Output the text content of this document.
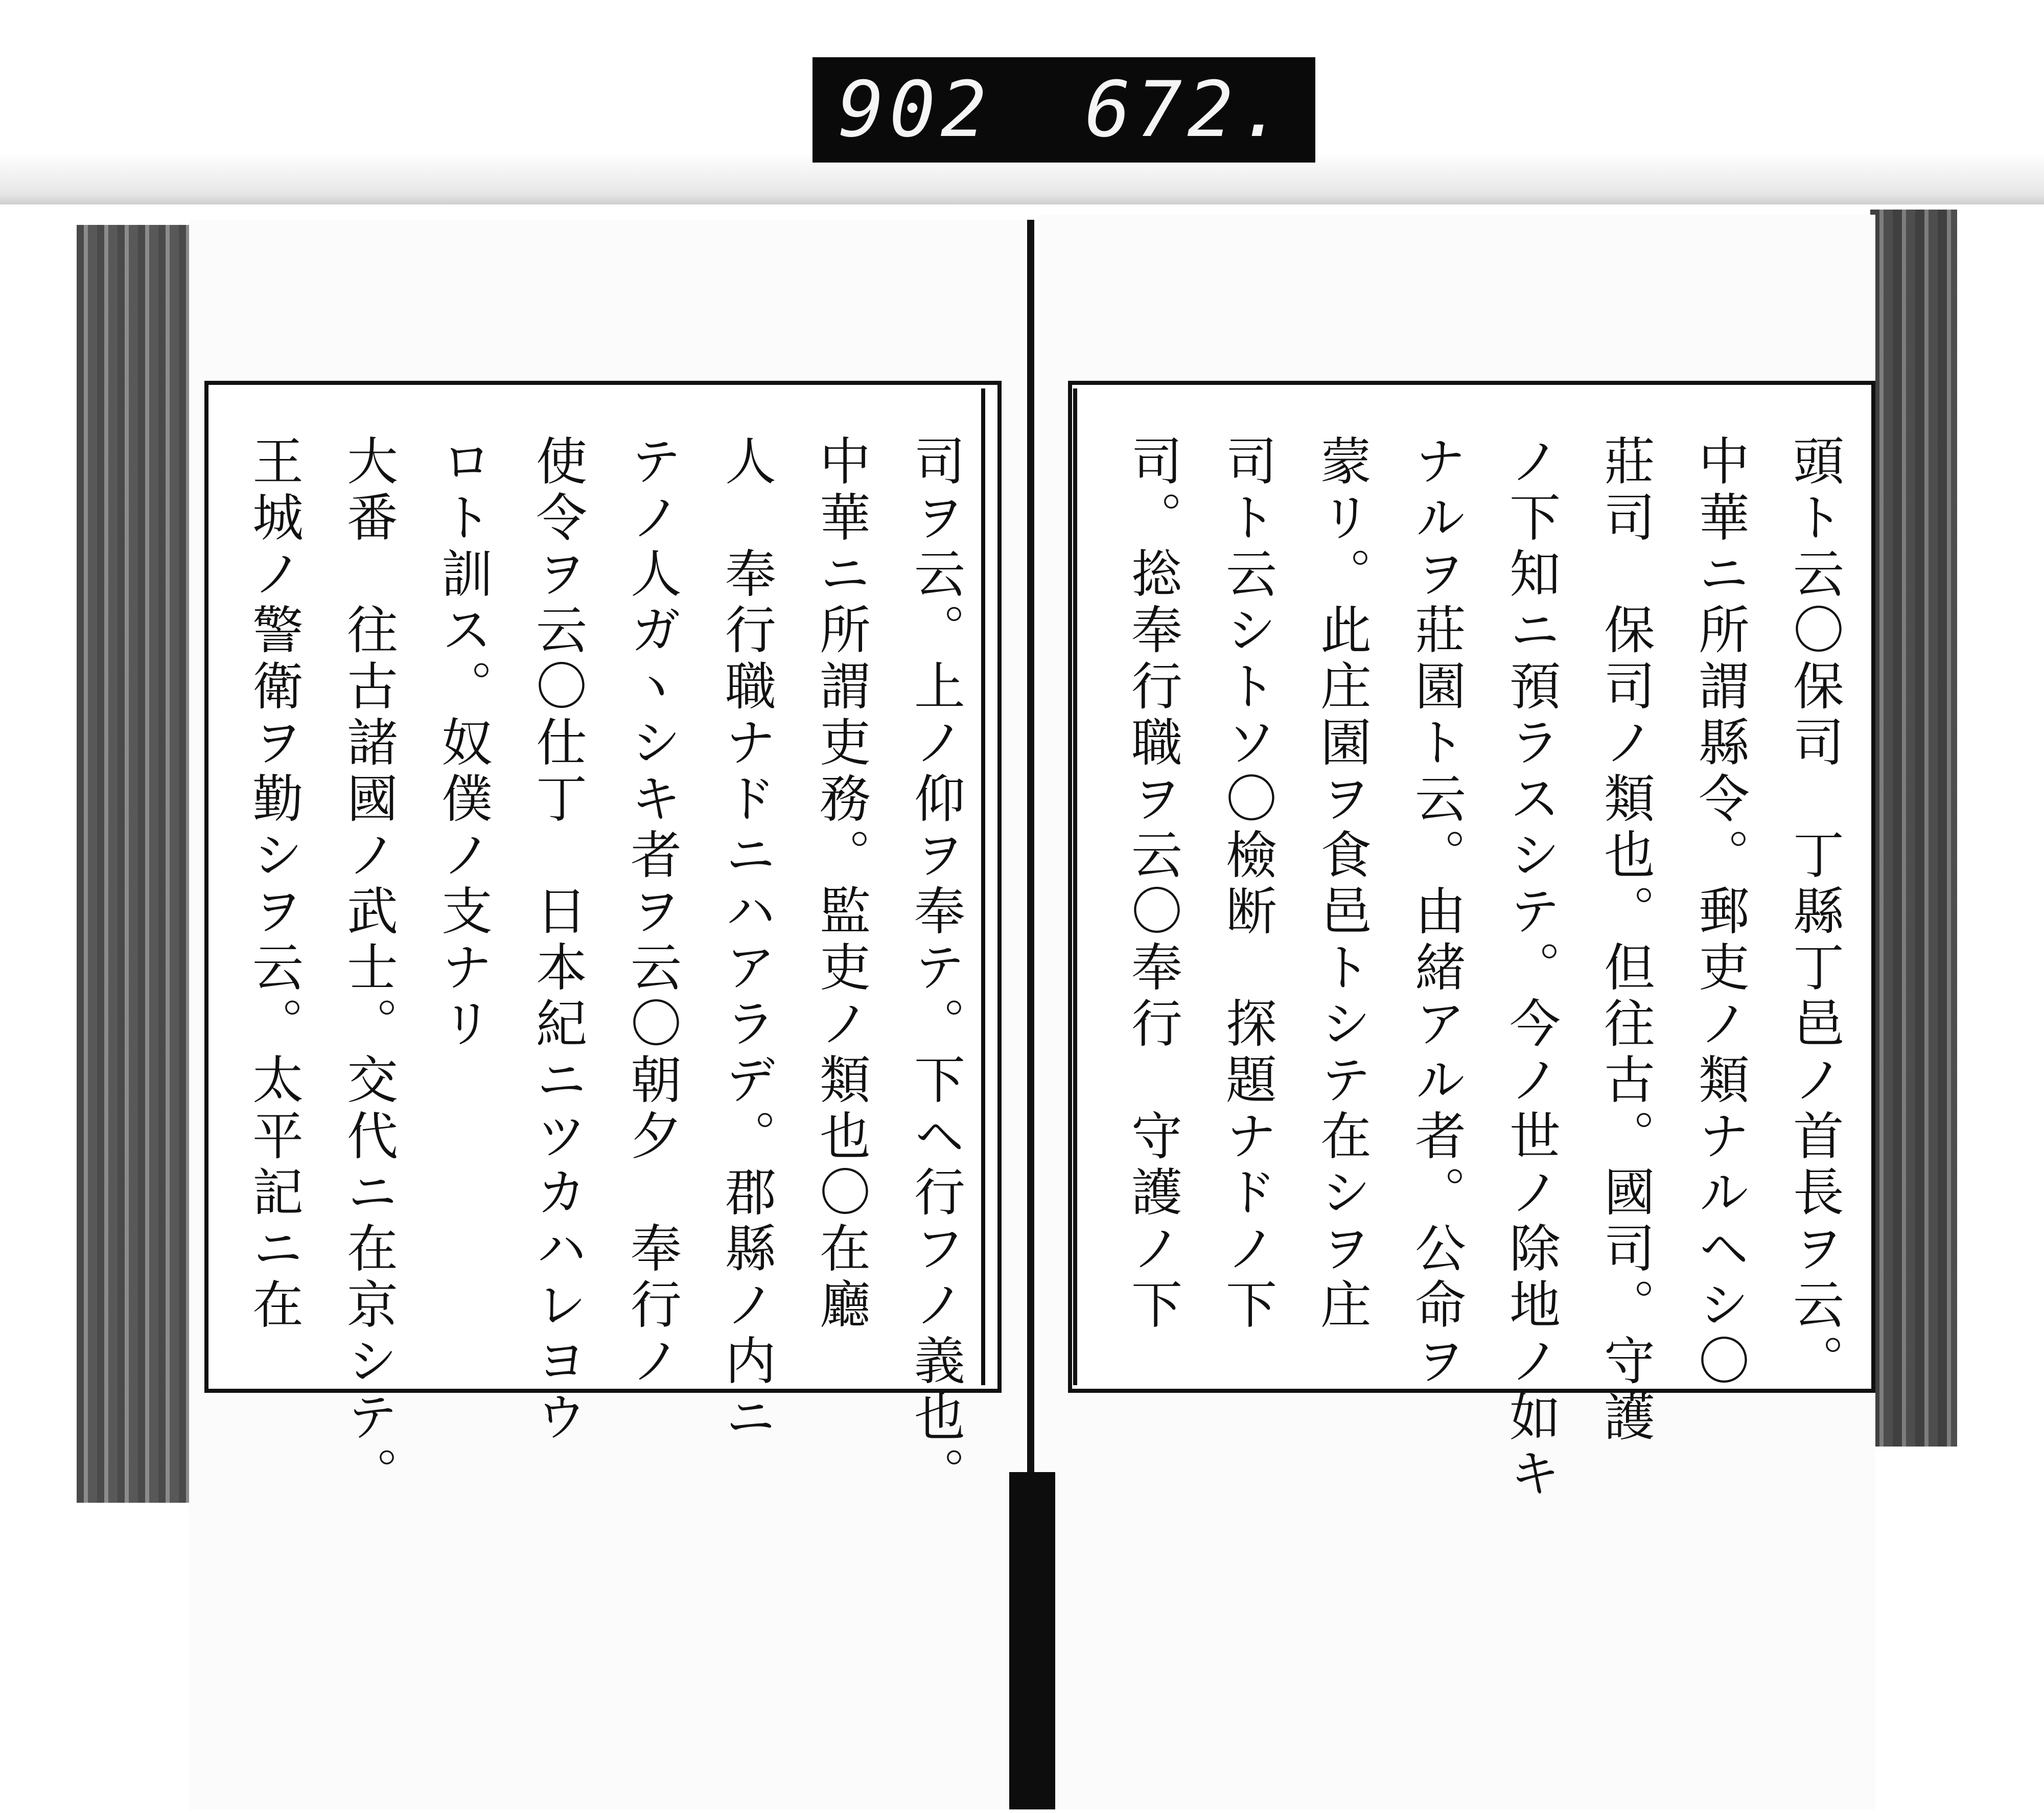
902 672.
頭ト云〇保司　丁縣丁邑ノ首長ヲ云。
中華ニ所謂縣令。郵吏ノ類ナルヘシ〇
莊司　保司ノ類也。但往古。國司。守護
ノ下知ニ預ラスシテ。今ノ世ノ除地ノ如キ
ナルヲ莊園ト云。由緒アル者。公命ヲ
蒙リ。此庄園ヲ食邑トシテ在シヲ庄
司ト云シトソ〇檢断　探題ナドノ下
司。捴奉行職ヲ云〇奉行　守護ノ下
司ヲ云。上ノ仰ヲ奉テ。下ヘ行フノ義也。
中華ニ所謂吏務。監吏ノ類也〇在廳
人　奉行職ナドニハアラデ。郡縣ノ内ニ
テノ人ガヽシキ者ヲ云〇朝夕　奉行ノ
使令ヲ云〇仕丁　日本紀ニツカハレヨウ
ロト訓ス。奴僕ノ支ナリ
大番　往古諸國ノ武士。交代ニ在京シテ。
王城ノ警衛ヲ勤シヲ云。太平記ニ在
